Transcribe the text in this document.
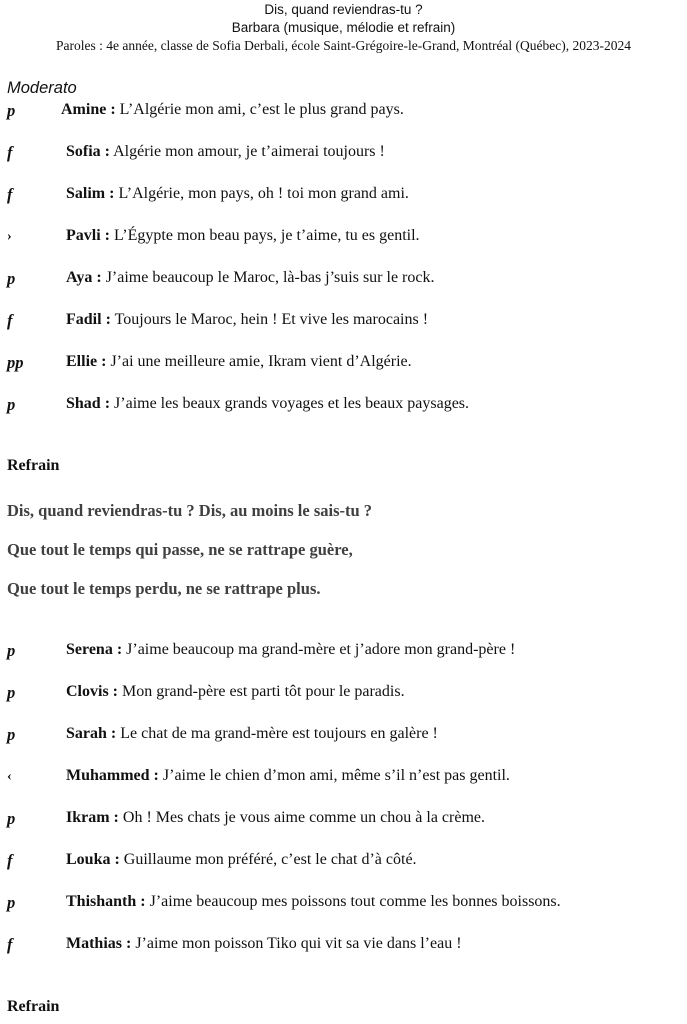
Dis, quand reviendras-tu ?
Barbara (musique, mélodie et refrain)
Paroles : 4e année, classe de Sofia Derbali, école Saint-Grégoire-le-Grand, Montréal (Québec), 2023-2024
Moderato
p	Amine : L’Algérie mon ami, c’est le plus grand pays.
f	Sofia : Algérie mon amour, je t’aimerai toujours !
f	Salim : L’Algérie, mon pays, oh ! toi mon grand ami.
›	Pavli : L’Égypte mon beau pays, je t’aime, tu es gentil.
p	Aya : J’aime beaucoup le Maroc, là-bas j’suis sur le rock.
f	Fadil : Toujours le Maroc, hein ! Et vive les marocains !
pp	Ellie : J’ai une meilleure amie, Ikram vient d’Algérie.
p	Shad : J’aime les beaux grands voyages et les beaux paysages.
Refrain
Dis, quand reviendras-tu ? Dis, au moins le sais-tu ?
Que tout le temps qui passe, ne se rattrape guère,
Que tout le temps perdu, ne se rattrape plus.
p	Serena : J’aime beaucoup ma grand-mère et j’adore mon grand-père !
p	Clovis : Mon grand-père est parti tôt pour le paradis.
p	Sarah : Le chat de ma grand-mère est toujours en galère !
‹	Muhammed : J’aime le chien d’mon ami, même s’il n’est pas gentil.
p	Ikram : Oh ! Mes chats je vous aime comme un chou à la crème.
f	Louka : Guillaume mon préféré, c’est le chat d’à côté.
p	Thishanth : J’aime beaucoup mes poissons tout comme les bonnes boissons.
f	Mathias : J’aime mon poisson Tiko qui vit sa vie dans l’eau !
Refrain
